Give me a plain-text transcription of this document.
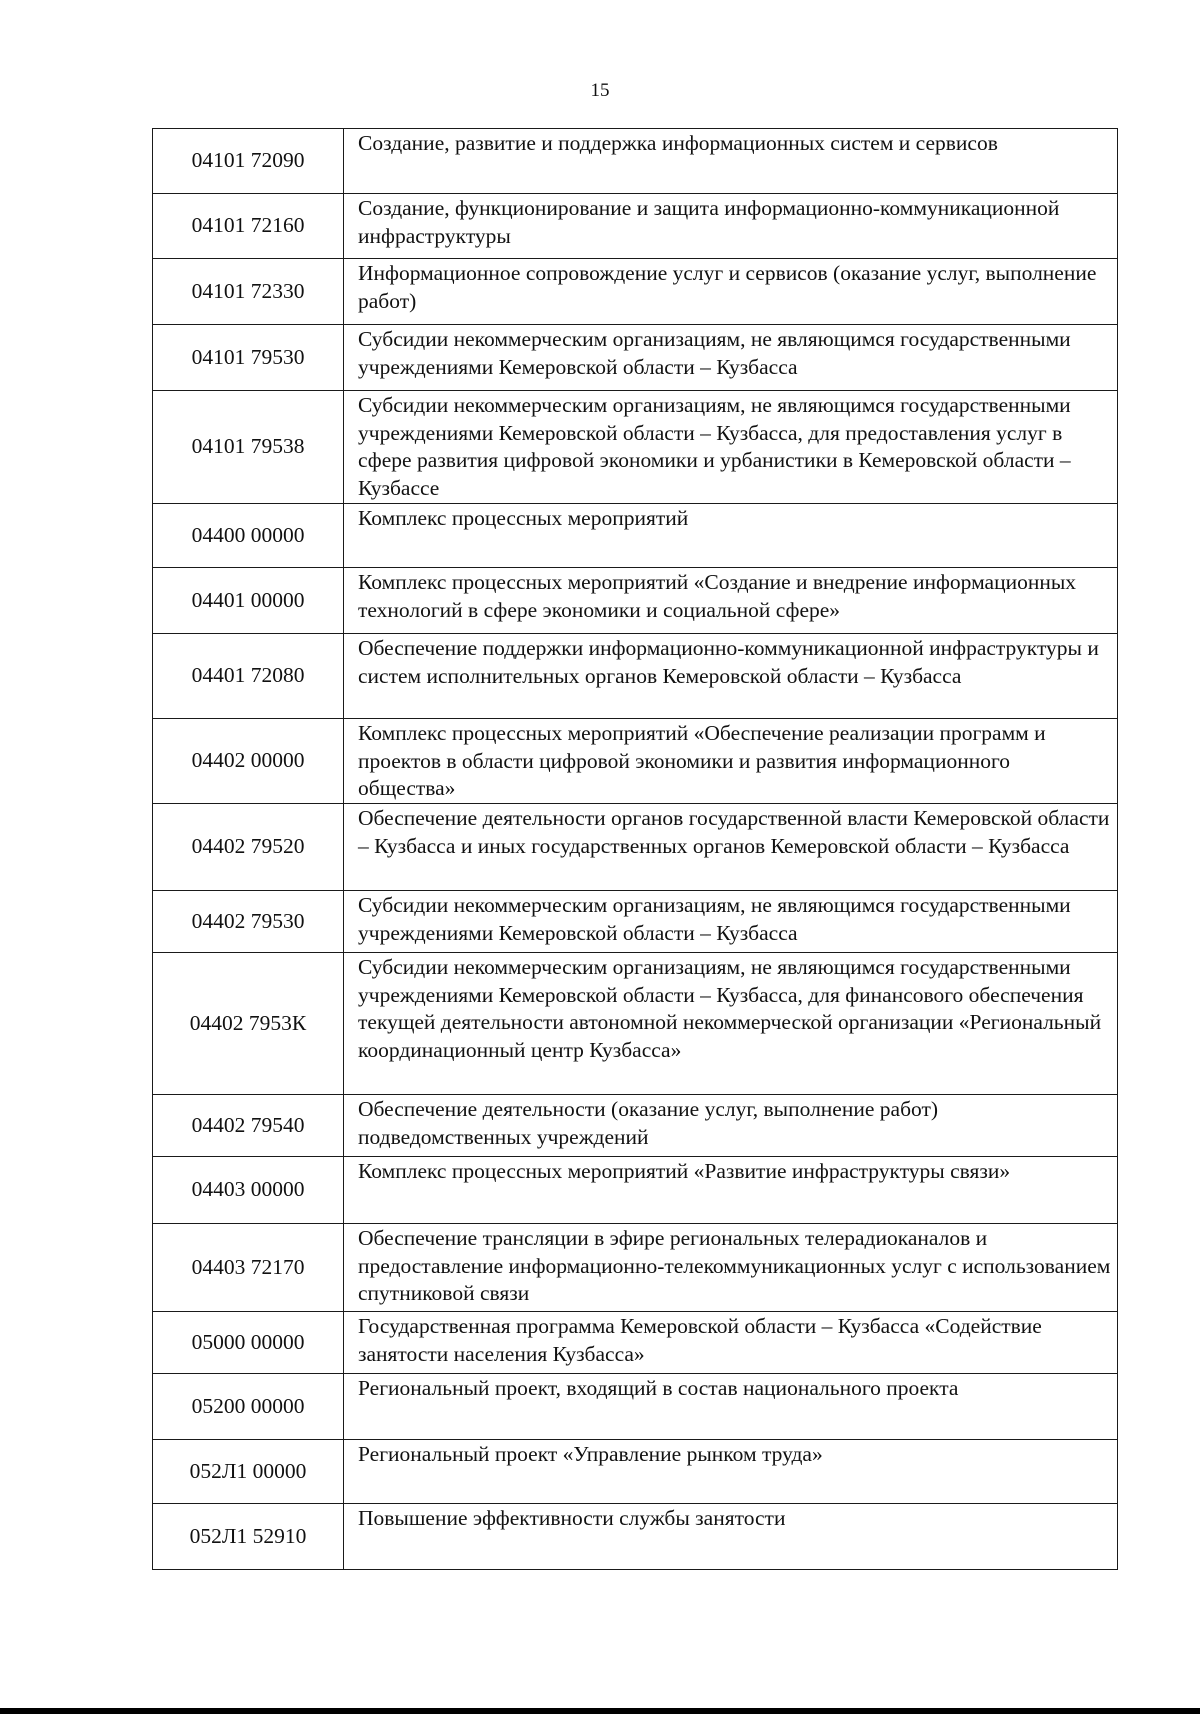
15
04101 72090	Создание, развитие и поддержка информационных систем и сервисов
04101 72160	Создание, функционирование и защита информационно-коммуникационной инфраструктуры
04101 72330	Информационное сопровождение услуг и сервисов (оказание услуг, выполнение работ)
04101 79530	Субсидии некоммерческим организациям, не являющимся государственными учреждениями Кемеровской области – Кузбасса
04101 79538	Субсидии некоммерческим организациям, не являющимся государственными учреждениями Кемеровской области – Кузбасса, для предоставления услуг в сфере развития цифровой экономики и урбанистики в Кемеровской области – Кузбассе
04400 00000	Комплекс процессных мероприятий
04401 00000	Комплекс процессных мероприятий «Создание и внедрение информационных технологий в сфере экономики и социальной сфере»
04401 72080	Обеспечение поддержки информационно-коммуникационной инфраструктуры и систем исполнительных органов Кемеровской области – Кузбасса
04402 00000	Комплекс процессных мероприятий «Обеспечение реализации программ и проектов в области цифровой экономики и развития информационного общества»
04402 79520	Обеспечение деятельности органов государственной власти Кемеровской области – Кузбасса и иных государственных органов Кемеровской области – Кузбасса
04402 79530	Субсидии некоммерческим организациям, не являющимся государственными учреждениями Кемеровской области – Кузбасса
04402 7953К	Субсидии некоммерческим организациям, не являющимся государственными учреждениями Кемеровской области – Кузбасса, для финансового обеспечения текущей деятельности автономной некоммерческой организации «Региональный координационный центр Кузбасса»
04402 79540	Обеспечение деятельности (оказание услуг, выполнение работ) подведомственных учреждений
04403 00000	Комплекс процессных мероприятий «Развитие инфраструктуры связи»
04403 72170	Обеспечение трансляции в эфире региональных телерадиоканалов и предоставление информационно-телекоммуникационных услуг с использованием спутниковой связи
05000 00000	Государственная программа Кемеровской области – Кузбасса «Содействие занятости населения Кузбасса»
05200 00000	Региональный проект, входящий в состав национального проекта
052Л1 00000	Региональный проект «Управление рынком труда»
052Л1 52910	Повышение эффективности службы занятости
